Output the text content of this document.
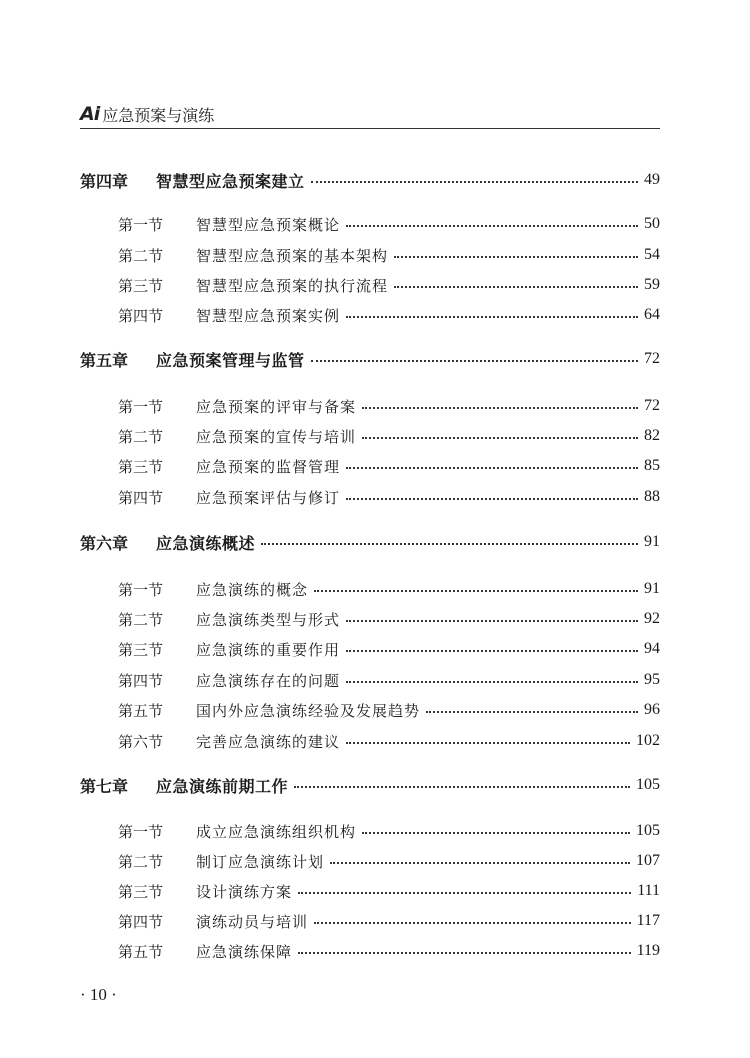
Ai 应急预案与演练
第四章	智慧型应急预案建立	49
第一节	智慧型应急预案概论	50
第二节	智慧型应急预案的基本架构	54
第三节	智慧型应急预案的执行流程	59
第四节	智慧型应急预案实例	64
第五章	应急预案管理与监管	72
第一节	应急预案的评审与备案	72
第二节	应急预案的宣传与培训	82
第三节	应急预案的监督管理	85
第四节	应急预案评估与修订	88
第六章	应急演练概述	91
第一节	应急演练的概念	91
第二节	应急演练类型与形式	92
第三节	应急演练的重要作用	94
第四节	应急演练存在的问题	95
第五节	国内外应急演练经验及发展趋势	96
第六节	完善应急演练的建议	102
第七章	应急演练前期工作	105
第一节	成立应急演练组织机构	105
第二节	制订应急演练计划	107
第三节	设计演练方案	111
第四节	演练动员与培训	117
第五节	应急演练保障	119
· 10 ·
